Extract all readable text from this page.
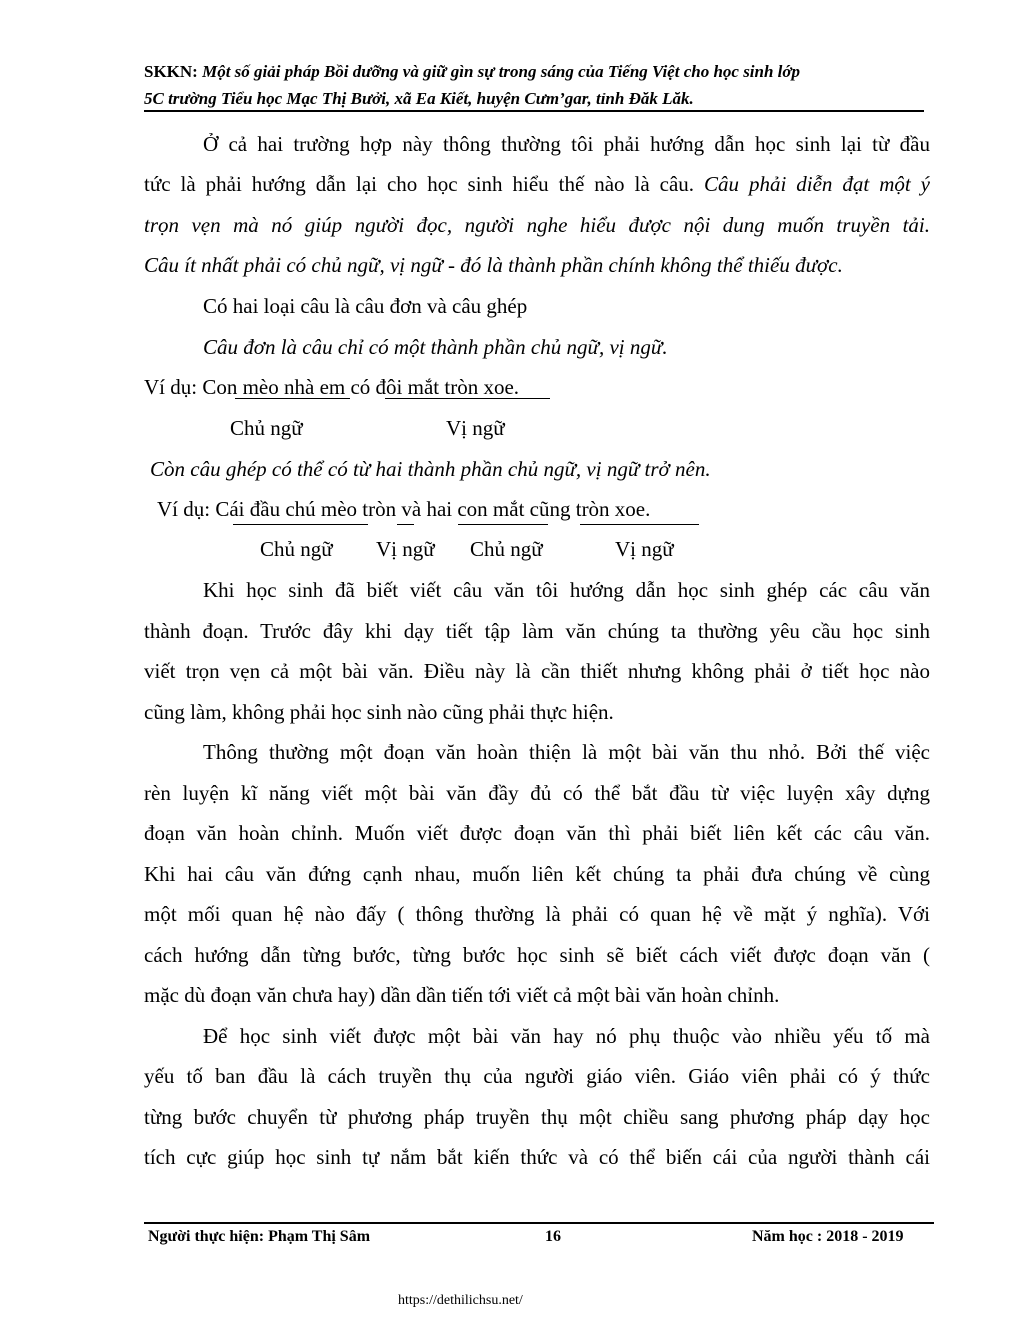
SKKN: Một số giải pháp Bồi dưỡng và giữ gìn sự trong sáng của Tiếng Việt cho học sinh lớp
5C trường Tiểu học Mạc Thị Bưởi, xã Ea Kiết, huyện Cưm’gar, tỉnh Đăk Lăk.
Ở cả hai trường hợp này thông thường tôi phải hướng dẫn học sinh lại từ đầu
tức là phải hướng dẫn lại cho học sinh hiểu thế nào là câu. Câu phải diễn đạt một ý
trọn vẹn mà nó giúp người đọc, người nghe hiểu được nội dung muốn truyền tải.
Câu ít nhất phải có chủ ngữ, vị ngữ - đó là thành phần chính không thể thiếu được.
Có hai loại câu là câu đơn và câu ghép
Câu đơn là câu chỉ có một thành phần chủ ngữ, vị ngữ.
Ví dụ: Con mèo nhà em có đôi mắt tròn xoe.
Chủ ngữ	Vị ngữ
Còn câu ghép có thể có từ hai thành phần chủ ngữ, vị ngữ trở nên.
Ví dụ: Cái đầu chú mèo tròn và hai con mắt cũng tròn xoe.
Chủ ngữ Vị ngữ Chủ ngữ	Vị ngữ
Khi học sinh đã biết viết câu văn tôi hướng dẫn học sinh ghép các câu văn
thành đoạn. Trước đây khi dạy tiết tập làm văn chúng ta thường yêu cầu học sinh
viết trọn vẹn cả một bài văn. Điều này là cần thiết nhưng không phải ở tiết học nào
cũng làm, không phải học sinh nào cũng phải thực hiện.
Thông thường một đoạn văn hoàn thiện là một bài văn thu nhỏ. Bởi thế việc
rèn luyện kĩ năng viết một bài văn đầy đủ có thể bắt đầu từ việc luyện xây dựng
đoạn văn hoàn chỉnh. Muốn viết được đoạn văn thì phải biết liên kết các câu văn.
Khi hai câu văn đứng cạnh nhau, muốn liên kết chúng ta phải đưa chúng về cùng
một mối quan hệ nào đấy ( thông thường là phải có quan hệ về mặt ý nghĩa). Với
cách hướng dẫn từng bước, từng bước học sinh sẽ biết cách viết được đoạn văn (
mặc dù đoạn văn chưa hay) dần dần tiến tới viết cả một bài văn hoàn chỉnh.
Để học sinh viết được một bài văn hay nó phụ thuộc vào nhiều yếu tố mà
yếu tố ban đầu là cách truyền thụ của người giáo viên. Giáo viên phải có ý thức
từng bước chuyển từ phương pháp truyền thụ một chiều sang phương pháp dạy học
tích cực giúp học sinh tự nắm bắt kiến thức và có thể biến cái của người thành cái
Người thực hiện: Phạm Thị Sâm	16	Năm học : 2018 - 2019
https://dethilichsu.net/
